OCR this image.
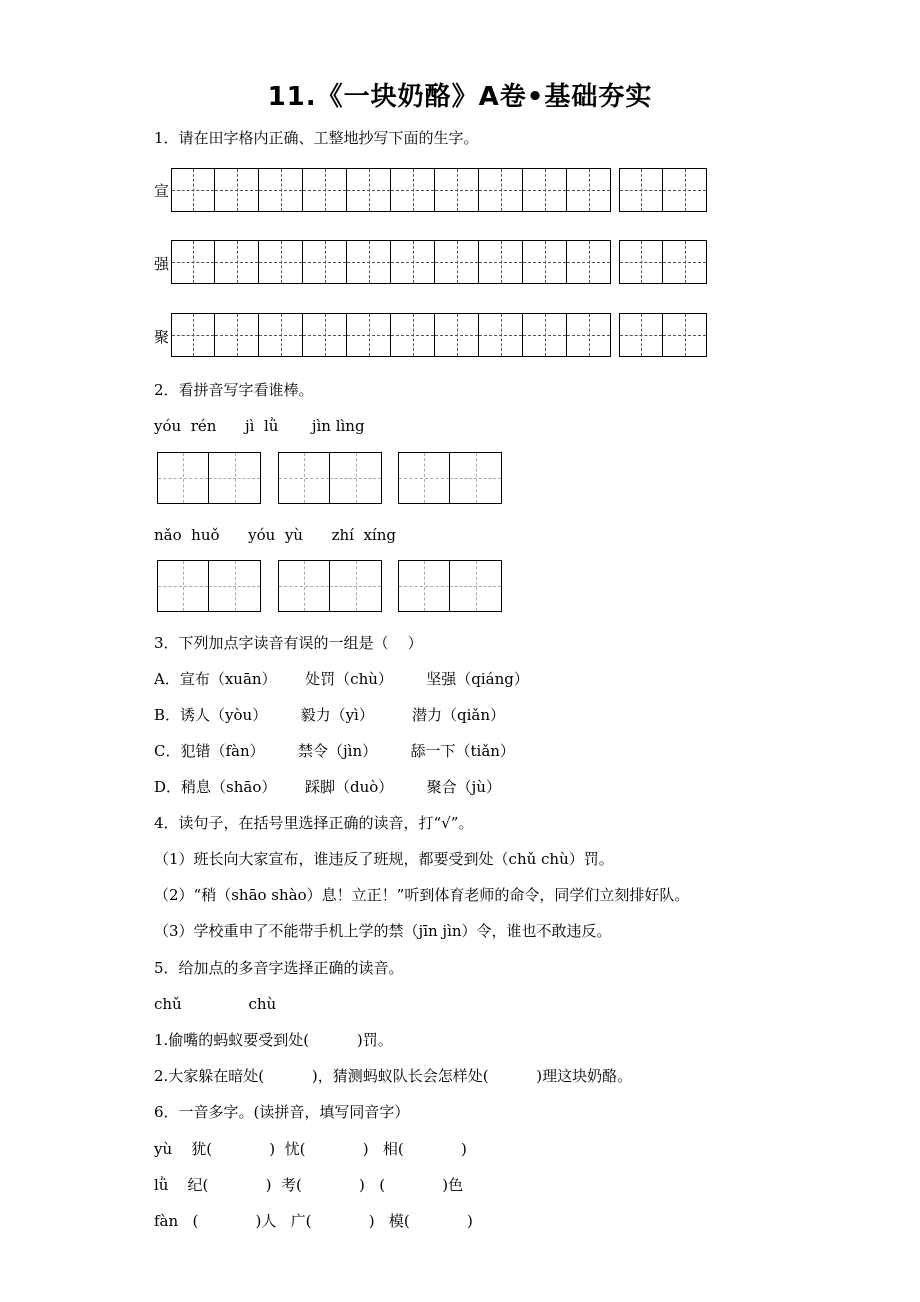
11.《一块奶酪》A卷•基础夯实
1．请在田字格内正确、工整地抄写下面的生字。
宣
强
聚
2．看拼音写字看谁棒。
yóu  rén      jì  lǜ       jìn lìng
nǎo  huǒ      yóu  yù      zhí  xíng
3．下列加点字读音有误的一组是（    ）
A．宣布（xuān）      处罚（chù）       坚强（qiáng）
B．诱人（yòu）       毅力（yì）        潜力（qiǎn）
C．犯错（fàn）       禁令（jìn）       舔一下（tiǎn）
D．稍息（shāo）      踩脚（duò）       聚合（jù）
4．读句子，在括号里选择正确的读音，打“√”。
（1）班长向大家宣布，谁违反了班规，都要受到处（chǔ chù）罚。
（2）“稍（shāo shào）息！立正！”听到体育老师的命令，同学们立刻排好队。
（3）学校重申了不能带手机上学的禁（jīn jìn）令，谁也不敢违反。
5．给加点的多音字选择正确的读音。
chǔ              chù
1.偷嘴的蚂蚁要受到处(          )罚。
2.大家躲在暗处(          )，猜测蚂蚁队长会怎样处(          )理这块奶酪。
6．一音多字。(读拼音，填写同音字）
yù    犹(            )  忧(            )   相(            )
lǜ    纪(            )  考(            )   (            )色
fàn   (            )人   广(            )   模(            )
